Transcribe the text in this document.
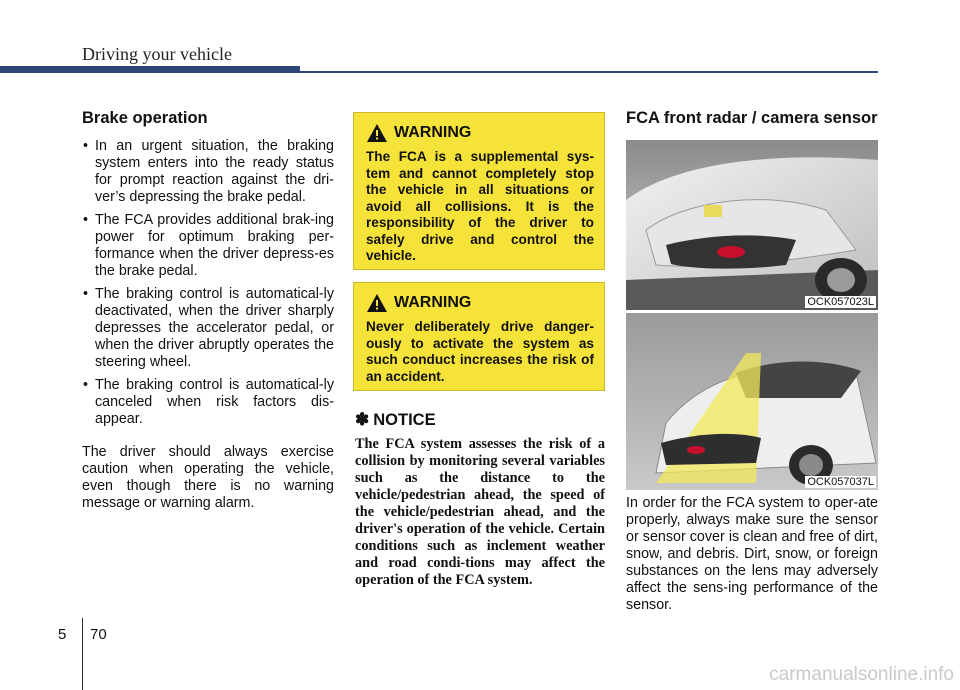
Driving your vehicle
Brake operation
• In an urgent situation, the braking system enters into the ready status for prompt reaction against the dri-ver’s depressing the brake pedal.
• The FCA provides additional brak-ing power for optimum braking per-formance when the driver depress-es the brake pedal.
• The braking control is automatical-ly deactivated, when the driver sharply depresses the accelerator pedal, or when the driver abruptly operates the steering wheel.
• The braking control is automatical-ly canceled when risk factors dis-appear.

The driver should always exercise caution when operating the vehicle, even though there is no warning message or warning alarm.

WARNING
The FCA is a supplemental sys-tem and cannot completely stop the vehicle in all situations or avoid all collisions. It is the responsibility of the driver to safely drive and control the vehicle.
WARNING
Never deliberately drive danger-ously to activate the system as such conduct increases the risk of an accident.
✽ NOTICE
The FCA system assesses the risk of a collision by monitoring several variables such as the distance to the vehicle/pedestrian ahead, the speed of the vehicle/pedestrian ahead, and the driver's operation of the vehicle. Certain conditions such as inclement weather and road condi-tions may affect the operation of the FCA system.
FCA front radar / camera sensor
OCK057023L
OCK057037L
In order for the FCA system to oper-ate properly, always make sure the sensor or sensor cover is clean and free of dirt, snow, and debris. Dirt, snow, or foreign substances on the lens may adversely affect the sens-ing performance of the sensor.
5 70
carmanualsonline.info
